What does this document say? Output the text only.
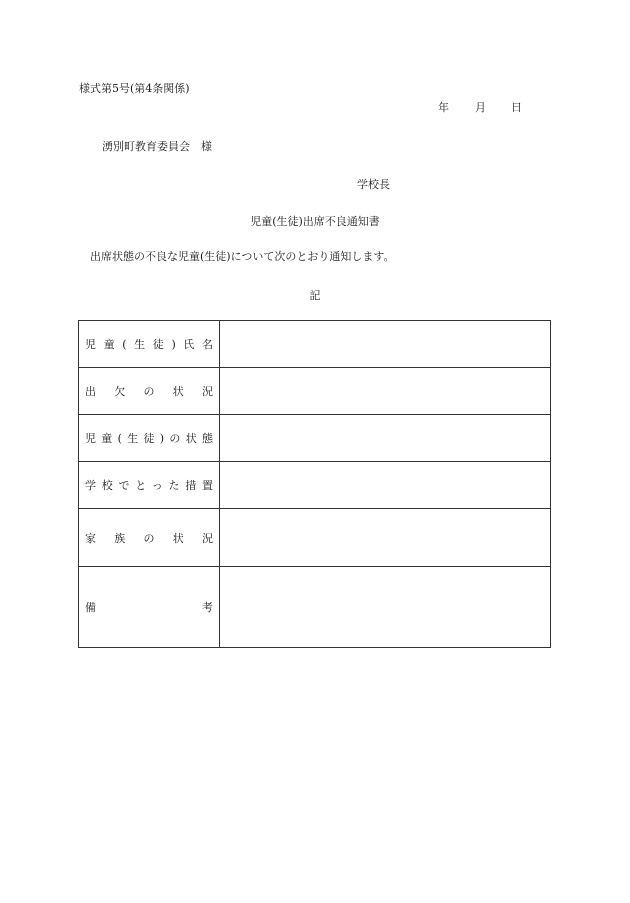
様式第5号(第4条関係)
年 月 日
湧別町教育委員会　様
学校長
児童(生徒)出席不良通知書
出席状態の不良な児童(生徒)について次のとおり通知します。
記
児童(生徒)氏名	
出欠の状況	
児童(生徒)の状態	
学校でとった措置	
家族の状況	
備考	
